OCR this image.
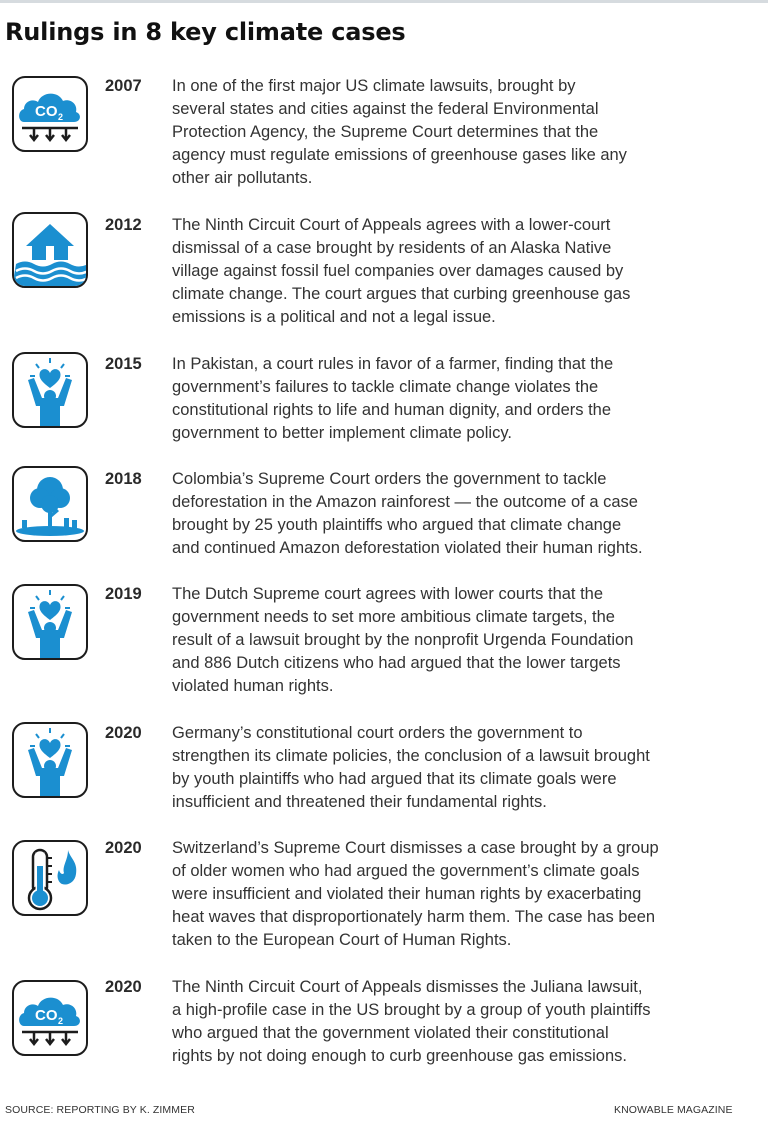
Rulings in 8 key climate cases
CO 2
2007 In one of the first major US climate lawsuits, brought by
several states and cities against the federal Environmental
Protection Agency, the Supreme Court determines that the
agency must regulate emissions of greenhouse gases like any
other air pollutants.
2012 The Ninth Circuit Court of Appeals agrees with a lower-court
dismissal of a case brought by residents of an Alaska Native
village against fossil fuel companies over damages caused by
climate change. The court argues that curbing greenhouse gas
emissions is a political and not a legal issue.
2015 In Pakistan, a court rules in favor of a farmer, finding that the
government’s failures to tackle climate change violates the
constitutional rights to life and human dignity, and orders the
government to better implement climate policy.
2018 Colombia’s Supreme Court orders the government to tackle
deforestation in the Amazon rainforest — the outcome of a case
brought by 25 youth plaintiffs who argued that climate change
and continued Amazon deforestation violated their human rights.
2019 The Dutch Supreme court agrees with lower courts that the
government needs to set more ambitious climate targets, the
result of a lawsuit brought by the nonprofit Urgenda Foundation
and 886 Dutch citizens who had argued that the lower targets
violated human rights.
2020 Germany’s constitutional court orders the government to
strengthen its climate policies, the conclusion of a lawsuit brought
by youth plaintiffs who had argued that its climate goals were
insufficient and threatened their fundamental rights.
2020 Switzerland’s Supreme Court dismisses a case brought by a group
of older women who had argued the government’s climate goals
were insufficient and violated their human rights by exacerbating
heat waves that disproportionately harm them. The case has been
taken to the European Court of Human Rights.
CO 2
2020 The Ninth Circuit Court of Appeals dismisses the Juliana lawsuit,
a high-profile case in the US brought by a group of youth plaintiffs
who argued that the government violated their constitutional
rights by not doing enough to curb greenhouse gas emissions.
SOURCE: REPORTING BY K. ZIMMER	KNOWABLE MAGAZINE
